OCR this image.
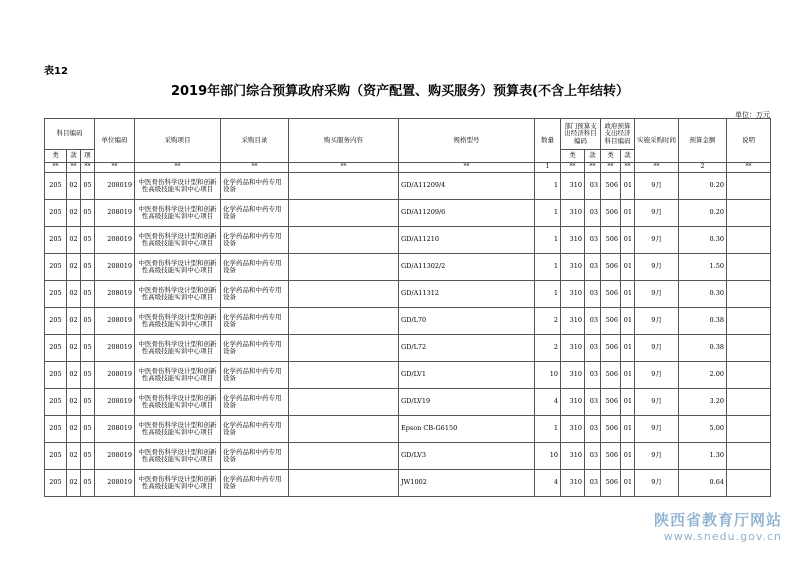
表12
2019年部门综合预算政府采购（资产配置、购买服务）预算表(不含上年结转）
单位：万元
科目编码			单位编码	采购项目	采购目录	购买服务内容	规格型号	数量	部门预算支出经济科目编码		政府预算支出经济科目编码		实施采购时间	预算金额	说明
类	款	项							类	款	类	款			
**	**	**	**	**	**	**	**	1	**	**	**	**	**	2	**
205	02	05	208019	中医骨伤科学设计型和创新性高级技能实训中心项目	化学药品和中药专用设备		GD/A11209/4	1	310	03	506	01	9月	0.20	
205	02	05	208019	中医骨伤科学设计型和创新性高级技能实训中心项目	化学药品和中药专用设备		GD/A11209/6	1	310	03	506	01	9月	0.20	
205	02	05	208019	中医骨伤科学设计型和创新性高级技能实训中心项目	化学药品和中药专用设备		GD/A11210	1	310	03	506	01	9月	0.30	
205	02	05	208019	中医骨伤科学设计型和创新性高级技能实训中心项目	化学药品和中药专用设备		GD/A11302/2	1	310	03	506	01	9月	1.50	
205	02	05	208019	中医骨伤科学设计型和创新性高级技能实训中心项目	化学药品和中药专用设备		GD/A11312	1	310	03	506	01	9月	0.30	
205	02	05	208019	中医骨伤科学设计型和创新性高级技能实训中心项目	化学药品和中药专用设备		GD/L70	2	310	03	506	01	9月	0.38	
205	02	05	208019	中医骨伤科学设计型和创新性高级技能实训中心项目	化学药品和中药专用设备		GD/L72	2	310	03	506	01	9月	0.38	
205	02	05	208019	中医骨伤科学设计型和创新性高级技能实训中心项目	化学药品和中药专用设备		GD/LV1	10	310	03	506	01	9月	2.00	
205	02	05	208019	中医骨伤科学设计型和创新性高级技能实训中心项目	化学药品和中药专用设备		GD/LV19	4	310	03	506	01	9月	3.20	
205	02	05	208019	中医骨伤科学设计型和创新性高级技能实训中心项目	化学药品和中药专用设备		Epson CB-G6150	1	310	03	506	01	9月	5.00	
205	02	05	208019	中医骨伤科学设计型和创新性高级技能实训中心项目	化学药品和中药专用设备		GD/LV3	10	310	03	506	01	9月	1.30	
205	02	05	208019	中医骨伤科学设计型和创新性高级技能实训中心项目	化学药品和中药专用设备		JW1002	4	310	03	506	01	9月	0.64	
陕西省教育厅网站
www.snedu.gov.cn
